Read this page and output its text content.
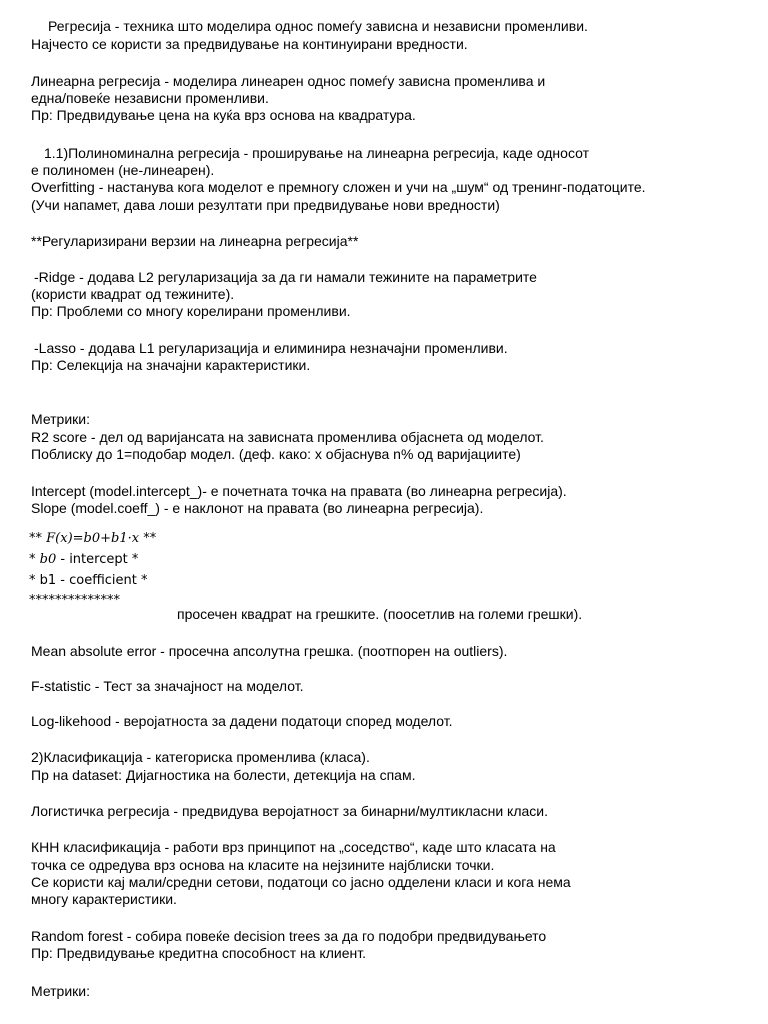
Регресија - техника што моделира однос помеѓу зависна и независни променливи.
Најчесто се користи за предвидување на континуирани вредности.
Линеарна регресија - моделира линеарен однос помеѓу зависна променлива и
една/повеќе независни променливи.
Пр: Предвидување цена на куќа врз основа на квадратура.
1.1)Полиноминална регресија - проширување на линеарна регресија, каде односот
е полиномен (не-линеарен).
Overfitting - настанува кога моделот е премногу сложен и учи на „шум“ од тренинг-податоците.
(Учи напамет, дава лоши резултати при предвидување нови вредности)
**Регуларизирани верзии на линеарна регресија**
-Ridge - додава L2 регуларизација за да ги намали тежините на параметрите
(користи квадрат од тежините).
Пр: Проблеми со многу корелирани променливи.
-Lasso - додава L1 регуларизација и елиминира незначајни променливи.
Пр: Селекција на значајни карактеристики.
Метрики:
R2 score - дел од варијансата на зависната променлива објаснета од моделот.
Поблиску до 1=подобар модел. (деф. како: x објаснува n% од варијациите)
Intercept (model.intercept_)- е почетната точка на правата (во линеарна регресија).
Slope (model.coeff_) - е наклонот на правата (во линеарна регресија).
** F(x)=b0+b1·x **
* b0 - intercept *
* b1 - coefficient *
**************
просечен квадрат на грешките. (поосетлив на големи грешки).
Mean absolute error - просечна апсолутна грешка. (поотпорен на outliers).
F-statistic - Тест за значајност на моделот.
Log-likehood - веројатноста за дадени податоци според моделот.
2)Класификација - категориска променлива (класа).
Пр на dataset: Дијагностика на болести, детекција на спам.
Логистичка регресија - предвидува веројатност за бинарни/мултикласни класи.
КНН класификација - работи врз принципот на „соседство“, каде што класата на
точка се одредува врз основа на класите на нејзините најблиски точки.
Се користи кај мали/средни сетови, податоци со јасно одделени класи и кога нема
многу карактеристики.
Random forest - собира повеќе decision trees за да го подобри предвидувањето
Пр: Предвидување кредитна способност на клиент.
Метрики:
